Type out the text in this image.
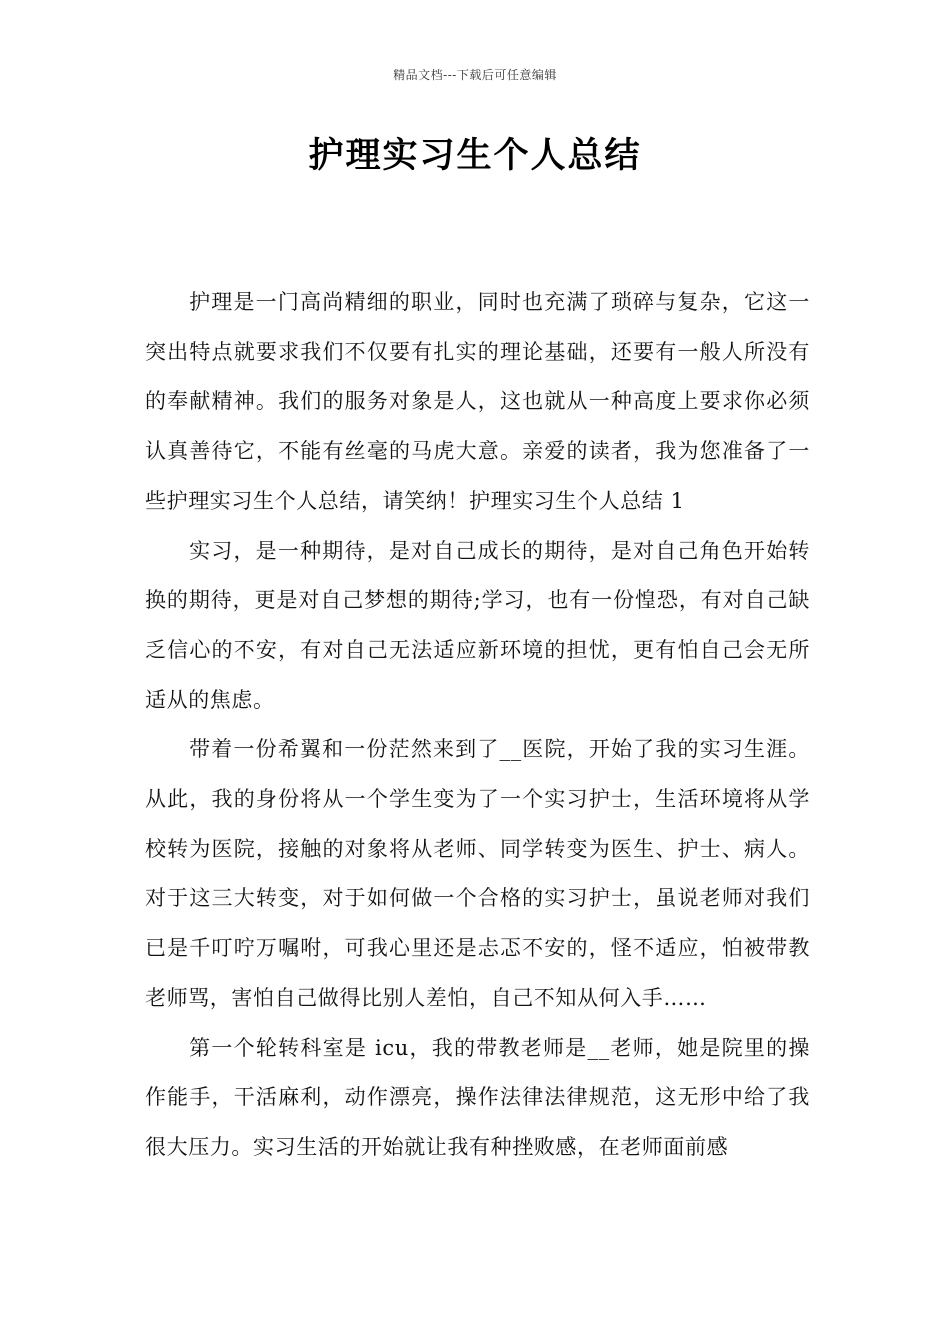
精品文档---下载后可任意编辑
护理实习生个人总结

护理是一门高尚精细的职业，同时也充满了琐碎与复杂，它这一突出特点就要求我们不仅要有扎实的理论基础，还要有一般人所没有的奉献精神。我们的服务对象是人，这也就从一种高度上要求你必须认真善待它，不能有丝毫的马虎大意。亲爱的读者，我为您准备了一些护理实习生个人总结，请笑纳！护理实习生个人总结 1

实习，是一种期待，是对自己成长的期待，是对自己角色开始转换的期待，更是对自己梦想的期待;学习，也有一份惶恐，有对自己缺乏信心的不安，有对自己无法适应新环境的担忧，更有怕自己会无所适从的焦虑。

带着一份希翼和一份茫然来到了__医院，开始了我的实习生涯。从此，我的身份将从一个学生变为了一个实习护士，生活环境将从学校转为医院，接触的对象将从老师、同学转变为医生、护士、病人。对于这三大转变，对于如何做一个合格的实习护士，虽说老师对我们已是千叮咛万嘱咐，可我心里还是忐忑不安的，怪不适应，怕被带教老师骂，害怕自己做得比别人差怕，自己不知从何入手……

第一个轮转科室是 icu，我的带教老师是__老师，她是院里的操作能手，干活麻利，动作漂亮，操作法律法律规范，这无形中给了我很大压力。实习生活的开始就让我有种挫败感，在老师面前感
